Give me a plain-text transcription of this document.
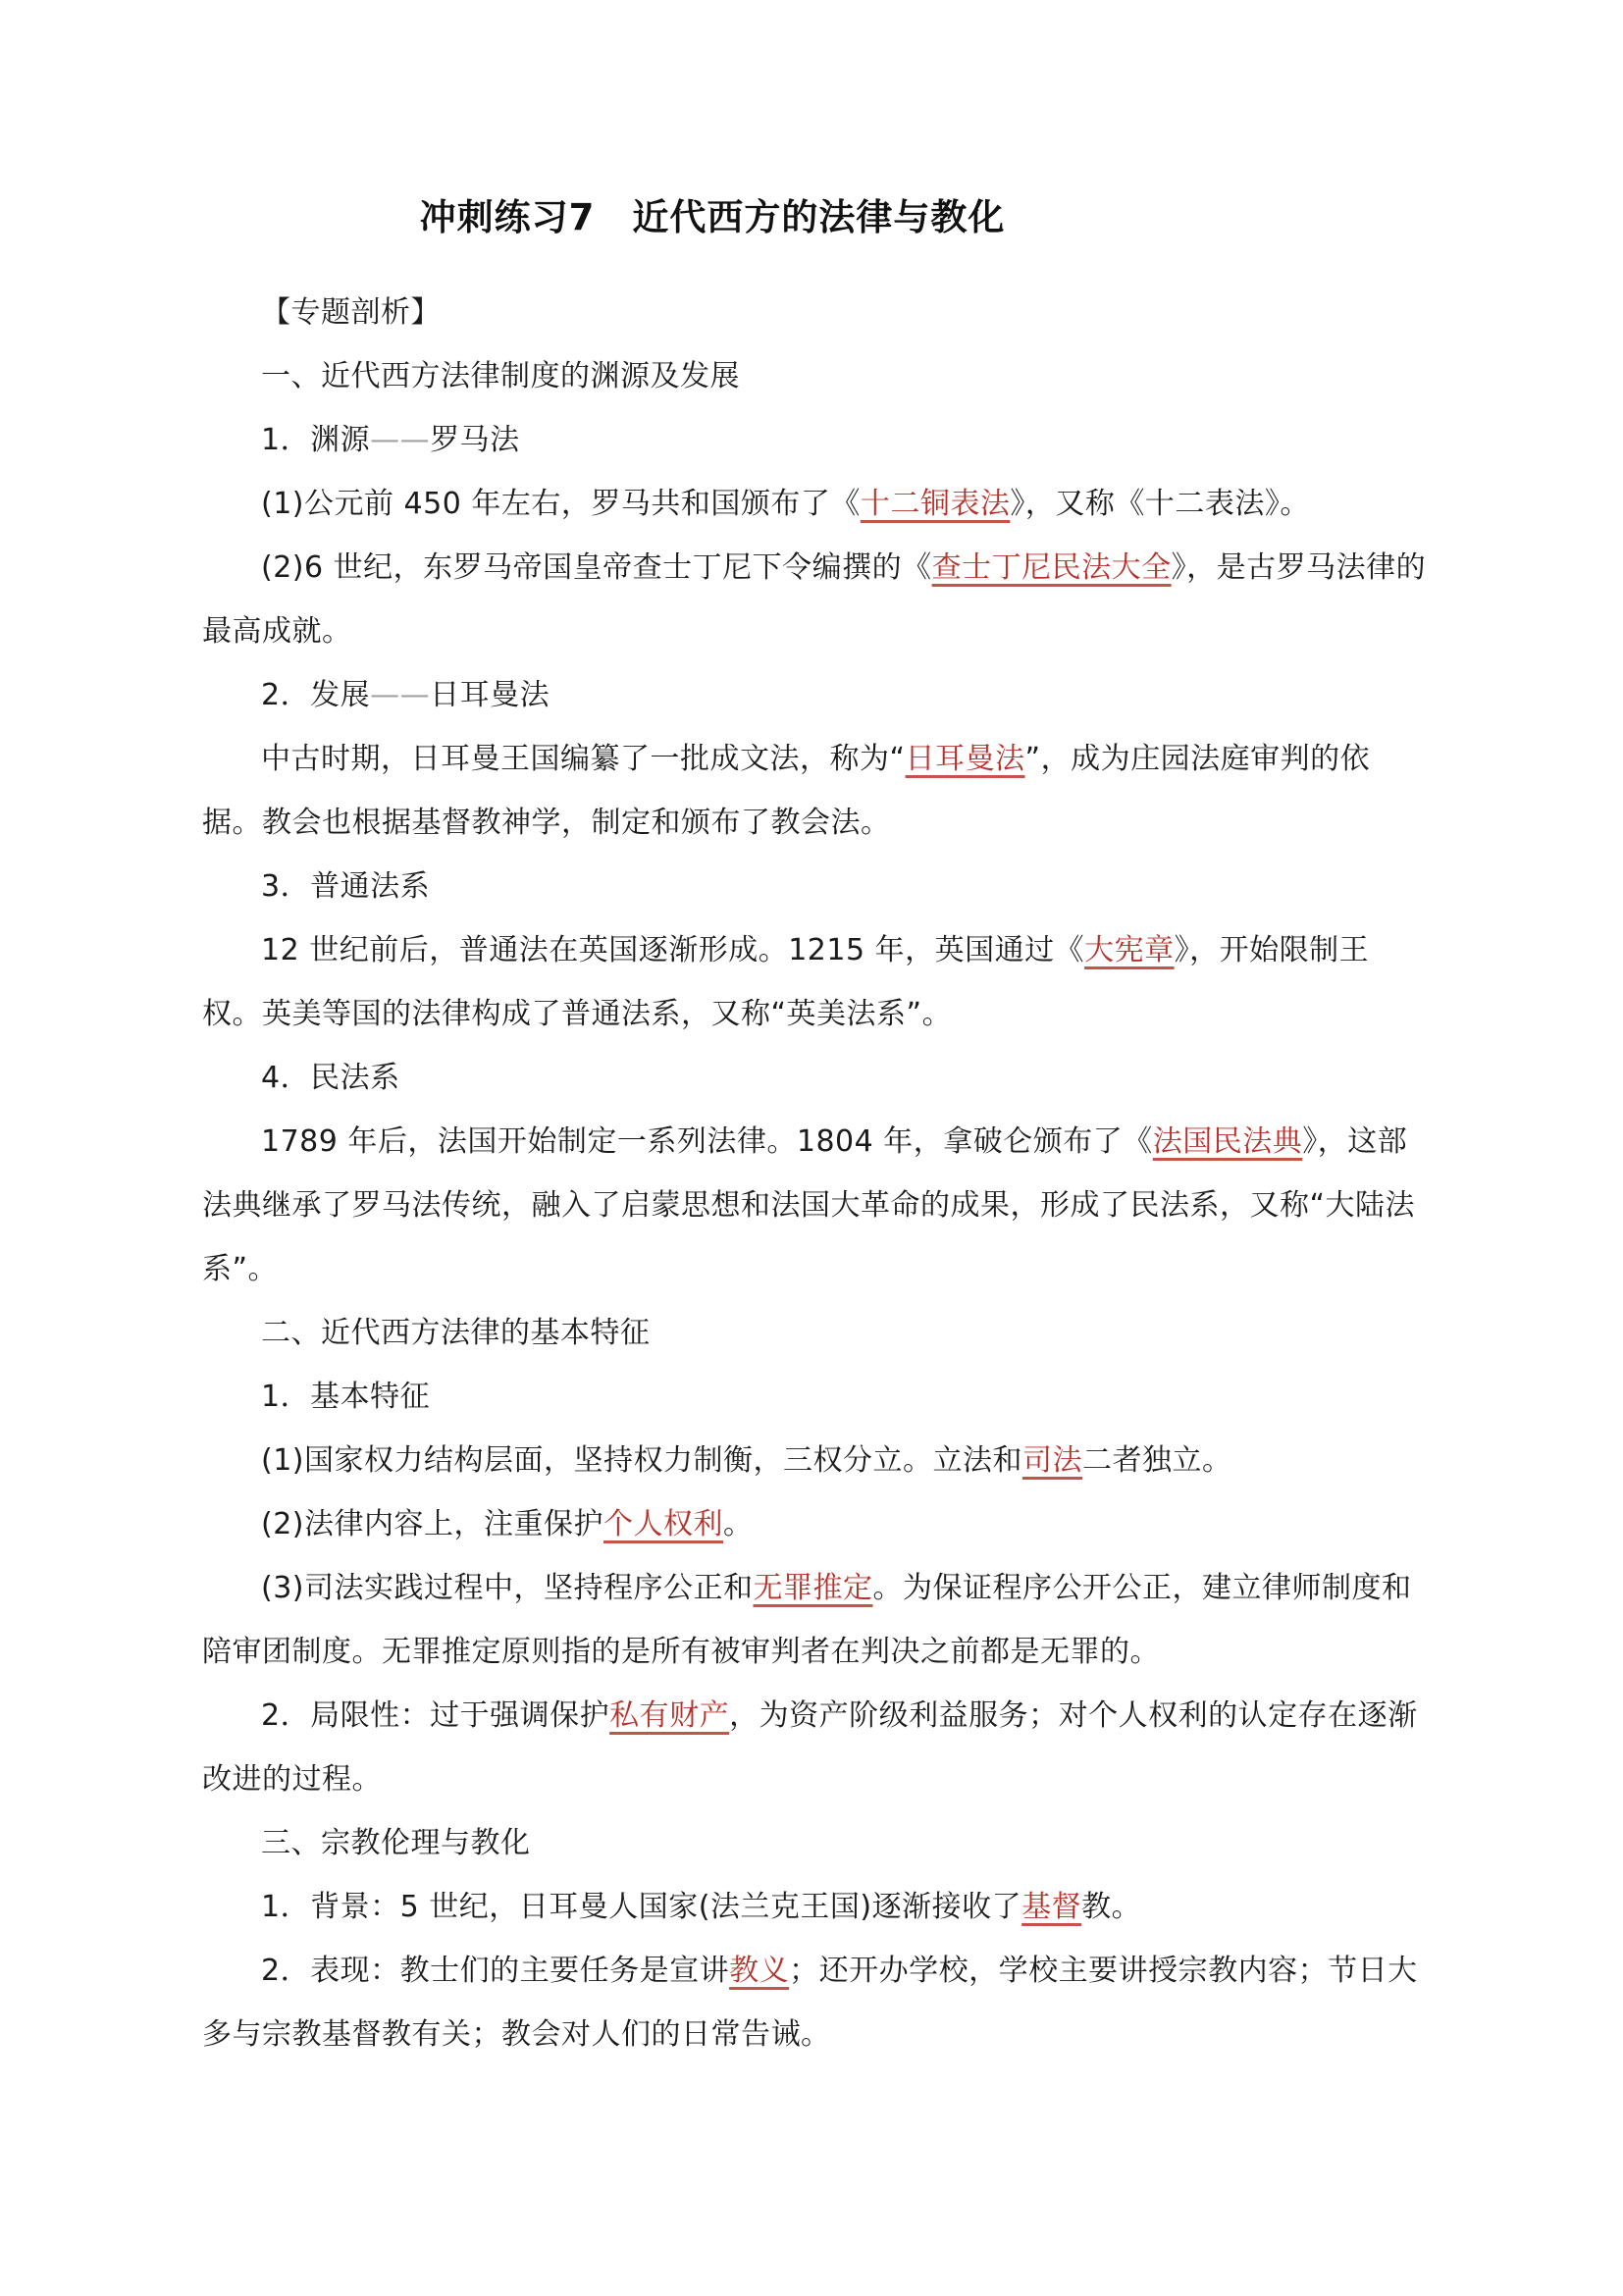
冲刺练习7　近代西方的法律与教化

【专题剖析】

一、近代西方法律制度的渊源及发展

1．渊源——罗马法

(1)公元前 450 年左右，罗马共和国颁布了《十二铜表法》，又称《十二表法》。

(2)6 世纪，东罗马帝国皇帝查士丁尼下令编撰的《查士丁尼民法大全》，是古罗马法律的最高成就。

2．发展——日耳曼法

中古时期，日耳曼王国编纂了一批成文法，称为“日耳曼法”，成为庄园法庭审判的依据。教会也根据基督教神学，制定和颁布了教会法。

3．普通法系

12 世纪前后，普通法在英国逐渐形成。1215 年，英国通过《大宪章》，开始限制王权。英美等国的法律构成了普通法系，又称“英美法系”。

4．民法系

1789 年后，法国开始制定一系列法律。1804 年，拿破仑颁布了《法国民法典》，这部法典继承了罗马法传统，融入了启蒙思想和法国大革命的成果，形成了民法系，又称“大陆法系”。

二、近代西方法律的基本特征

1．基本特征

(1)国家权力结构层面，坚持权力制衡，三权分立。立法和司法二者独立。

(2)法律内容上，注重保护个人权利。

(3)司法实践过程中，坚持程序公正和无罪推定。为保证程序公开公正，建立律师制度和陪审团制度。无罪推定原则指的是所有被审判者在判决之前都是无罪的。

2．局限性：过于强调保护私有财产，为资产阶级利益服务；对个人权利的认定存在逐渐改进的过程。

三、宗教伦理与教化

1．背景：5 世纪，日耳曼人国家(法兰克王国)逐渐接收了基督教。

2．表现：教士们的主要任务是宣讲教义；还开办学校，学校主要讲授宗教内容；节日大多与宗教基督教有关；教会对人们的日常告诫。
